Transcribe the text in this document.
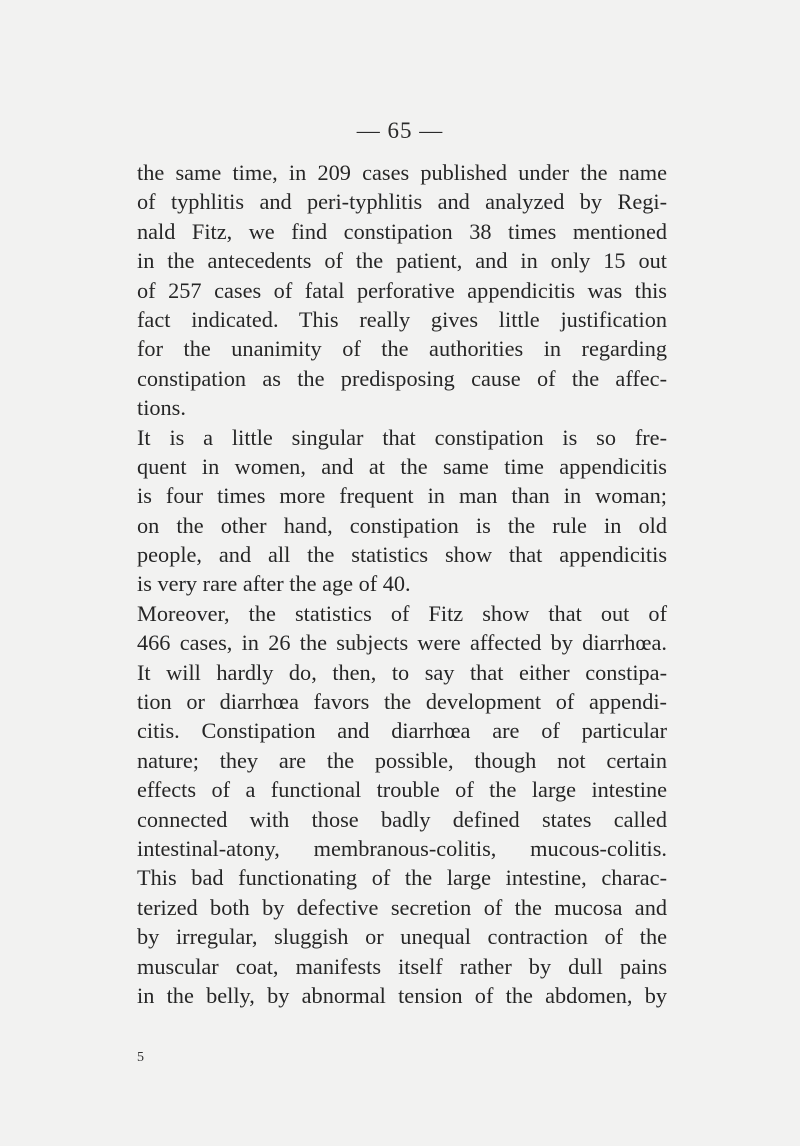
— 65 —
the same time, in 209 cases published under the name
of typhlitis and peri-typhlitis and analyzed by Regi-
nald Fitz, we find constipation 38 times mentioned
in the antecedents of the patient, and in only 15 out
of 257 cases of fatal perforative appendicitis was this
fact indicated. This really gives little justification
for the unanimity of the authorities in regarding
constipation as the predisposing cause of the affec-
tions.
It is a little singular that constipation is so fre-
quent in women, and at the same time appendicitis
is four times more frequent in man than in woman;
on the other hand, constipation is the rule in old
people, and all the statistics show that appendicitis
is very rare after the age of 40.
Moreover, the statistics of Fitz show that out of
466 cases, in 26 the subjects were affected by diarrhœa.
It will hardly do, then, to say that either constipa-
tion or diarrhœa favors the development of appendi-
citis. Constipation and diarrhœa are of particular
nature; they are the possible, though not certain
effects of a functional trouble of the large intestine
connected with those badly defined states called
intestinal-atony, membranous-colitis, mucous-colitis.
This bad functionating of the large intestine, charac-
terized both by defective secretion of the mucosa and
by irregular, sluggish or unequal contraction of the
muscular coat, manifests itself rather by dull pains
in the belly, by abnormal tension of the abdomen, by
5
